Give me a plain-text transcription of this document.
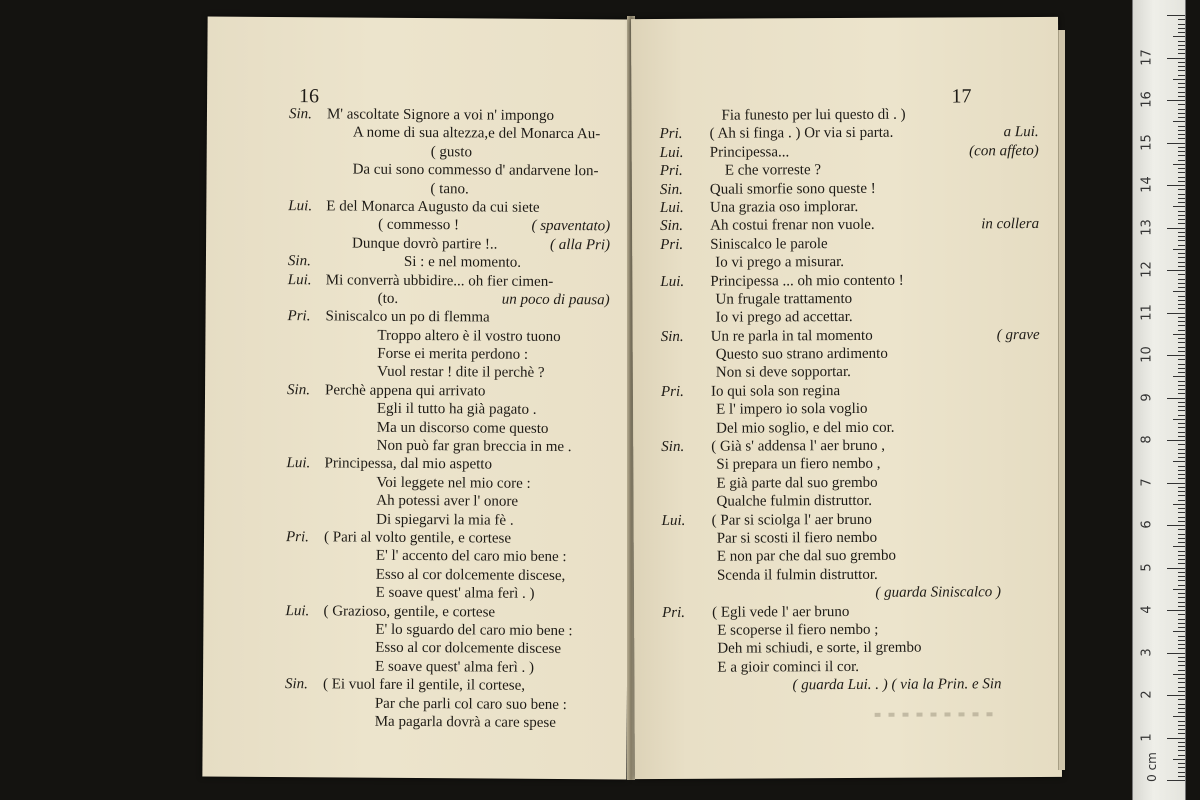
16
Sin. M' ascoltate Signore a voi n' impongo
A nome di sua altezza,e del Monarca Au-
( gusto
Da cui sono commesso d' andarvene lon-
( tano.
Lui. E del Monarca Augusto da cui siete
( commesso !	( spaventato)
Dunque dovrò partire !..	( alla Pri)
Sin.	Si : e nel momento.
Lui. Mi converrà ubbidire... oh fier cimen-
(to.	un poco di pausa)
Pri. Siniscalco un po di flemma
Troppo altero è il vostro tuono
Forse ei merita perdono :
Vuol restar ! dite il perchè ?
Sin. Perchè appena qui arrivato
Egli il tutto ha già pagato .
Ma un discorso come questo
Non può far gran breccia in me .
Lui. Principessa, dal mio aspetto
Voi leggete nel mio core :
Ah potessi aver l' onore
Di spiegarvi la mia fè .
Pri. ( Pari al volto gentile, e cortese
E' l' accento del caro mio bene :
Esso al cor dolcemente discese,
E soave quest' alma ferì . )
Lui. ( Grazioso, gentile, e cortese
E' lo sguardo del caro mio bene :
Esso al cor dolcemente discese
E soave quest' alma ferì . )
Sin. ( Ei vuol fare il gentile, il cortese,
Par che parli col caro suo bene :
Ma pagarla dovrà a care spese
17
Fia funesto per lui questo dì . )
Pri. ( Ah si finga . ) Or via si parta.	a Lui.
Lui. Principessa...	(con affeto)
Pri.	E che vorreste ?
Sin. Quali smorfie sono queste !
Lui. Una grazia oso implorar.
Sin. Ah costui frenar non vuole.	in collera
Pri. Siniscalco le parole
Io vi prego a misurar.
Lui. Principessa ... oh mio contento !
Un frugale trattamento
Io vi prego ad accettar.
Sin. Un re parla in tal momento	( grave
Questo suo strano ardimento
Non si deve sopportar.
Pri. Io qui sola son regina
E l' impero io sola voglio
Del mio soglio, e del mio cor.
Sin. ( Già s' addensa l' aer bruno ,
Si prepara un fiero nembo ,
E già parte dal suo grembo
Qualche fulmin distruttor.
Lui. ( Par si sciolga l' aer bruno
Par si scosti il fiero nembo
E non par che dal suo grembo
Scenda il fulmin distruttor.
( guarda Siniscalco )
Pri. ( Egli vede l' aer bruno
E scoperse il fiero nembo ;
Deh mi schiudi, e sorte, il grembo
E a gioir cominci il cor.
( guarda Lui. . ) ( via la Prin. e Sin
0 cm
1
2
3
4
5
6
7
8
9
10
11
12
13
14
15
16
17
